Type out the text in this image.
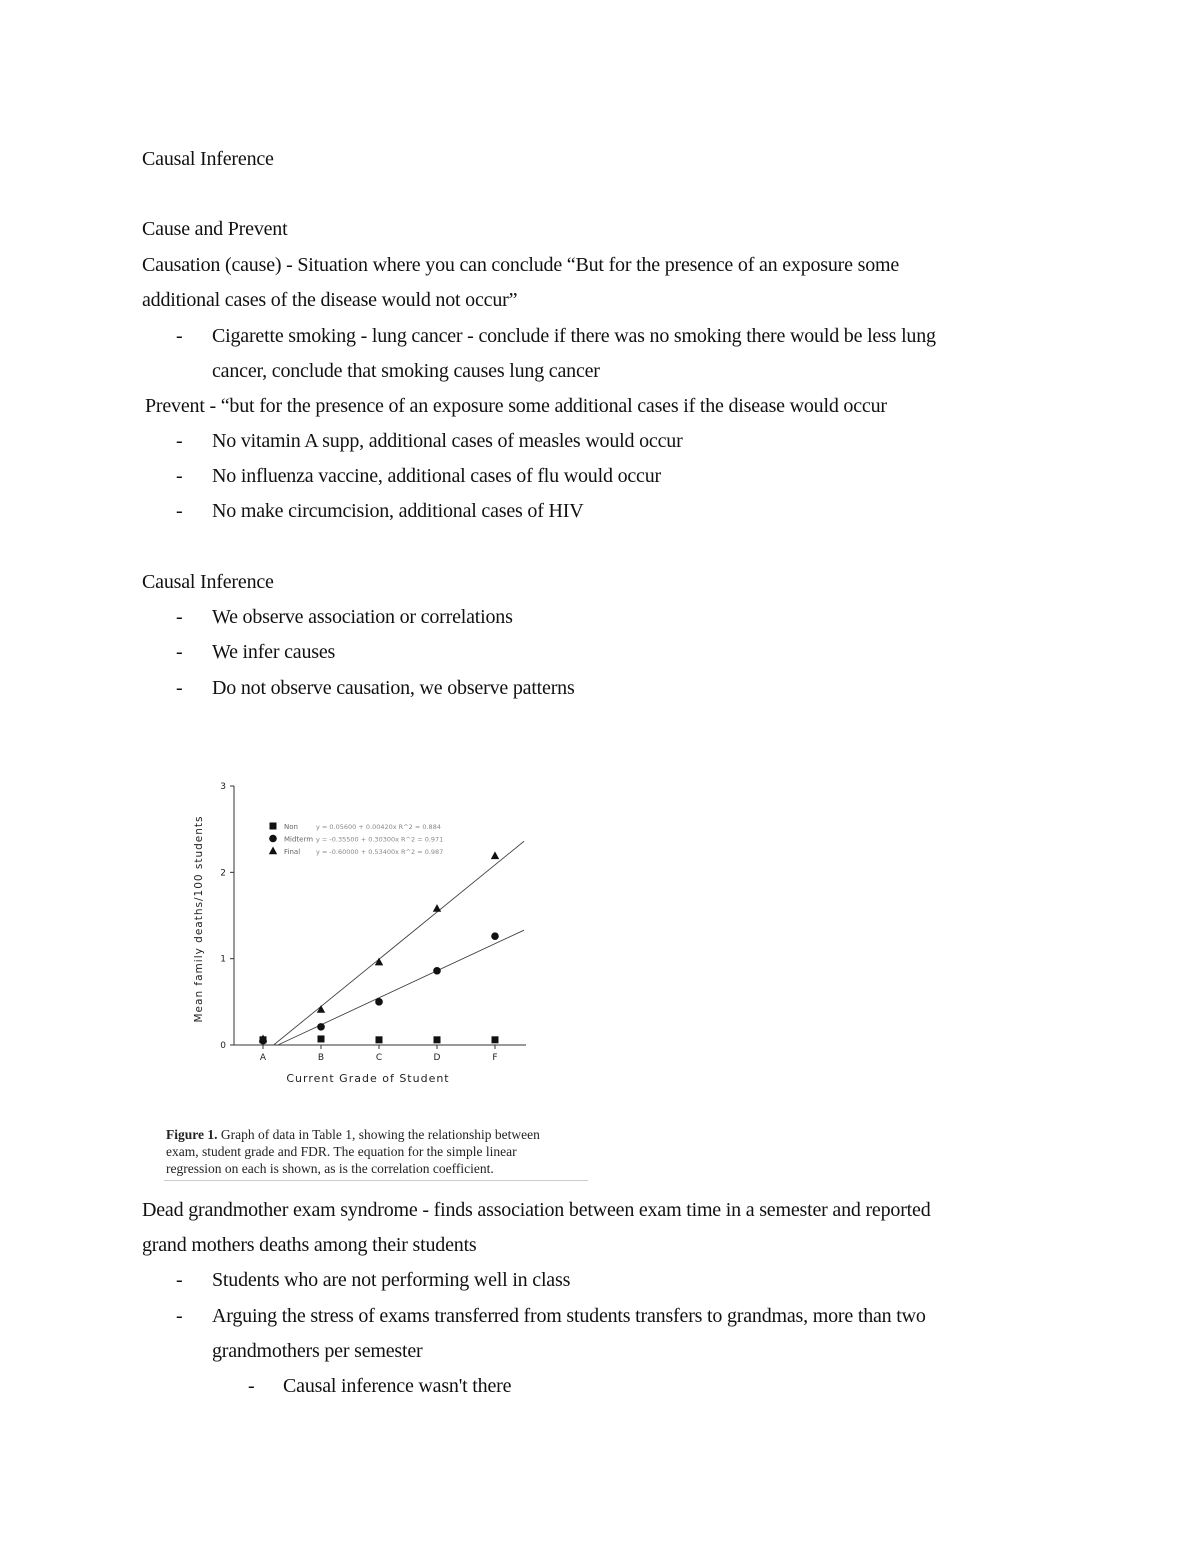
Causal Inference
Cause and Prevent
Causation (cause) - Situation where you can conclude “But for the presence of an exposure some
additional cases of the disease would not occur”
- Cigarette smoking - lung cancer - conclude if there was no smoking there would be less lung
cancer, conclude that smoking causes lung cancer
Prevent - “but for the presence of an exposure some additional cases if the disease would occur
- No vitamin A supp, additional cases of measles would occur
- No influenza vaccine, additional cases of flu would occur
- No make circumcision, additional cases of HIV
Causal Inference
- We observe association or correlations
- We infer causes
- Do not observe causation, we observe patterns
0
1
2
3
A	B	C	D	F
Non	y = 0.05600 + 0.00420x R^2 = 0.884
Midterm y = -0.35500 + 0.30300x R^2 = 0.971
Final y = -0.60000 + 0.53400x R^2 = 0.987
Current Grade of Student
Mean family deaths/100 students
Figure 1. Graph of data in Table 1, showing the relationship between
exam, student grade and FDR. The equation for the simple linear
regression on each is shown, as is the correlation coefficient.
Dead grandmother exam syndrome - finds association between exam time in a semester and reported
grand mothers deaths among their students
- Students who are not performing well in class
- Arguing the stress of exams transferred from students transfers to grandmas, more than two
grandmothers per semester
- Causal inference wasn't there
